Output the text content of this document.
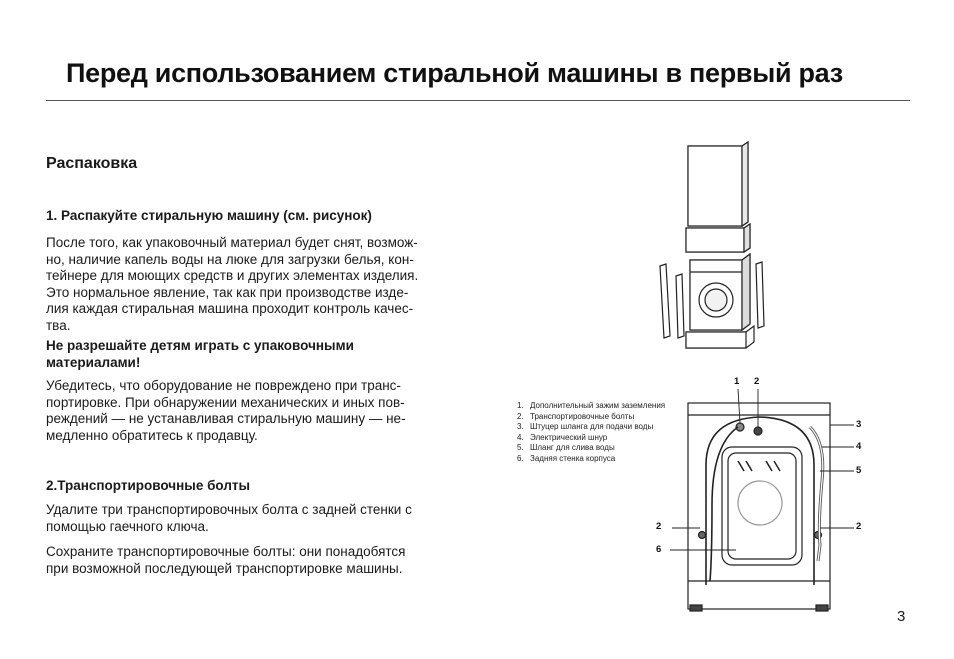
Перед использованием стиральной машины в первый раз
Распаковка
1. Распакуйте стиральную машину (см. рисунок)
После того, как упаковочный материал будет снят, возмож-
но, наличие капель воды на люке для загрузки белья, кон-
тейнере для моющих средств и других элементах изделия.
Это нормальное явление, так как при производстве изде-
лия каждая стиральная машина проходит контроль качес-
тва.
Не разрешайте детям играть с упаковочными
материалами!
Убедитесь, что оборудование не повреждено при транс-
портировке. При обнаружении механических и иных пов-
реждений — не устанавливая стиральную машину — не-
медленно обратитесь к продавцу.
2.Транспортировочные болты
Удалите три транспортировочных болта с задней стенки с
помощью гаечного ключа.
Сохраните транспортировочные болты: они понадобятся
при возможной последующей транспортировке машины.
1. Дополнительный зажим заземления
2. Транспортировочные болты
3. Штуцер шланга для подачи воды
4. Электрический шнур
5. Шланг для слива воды
6. Задняя стенка корпуса
1 2
3
4
5
2	2
6
3
